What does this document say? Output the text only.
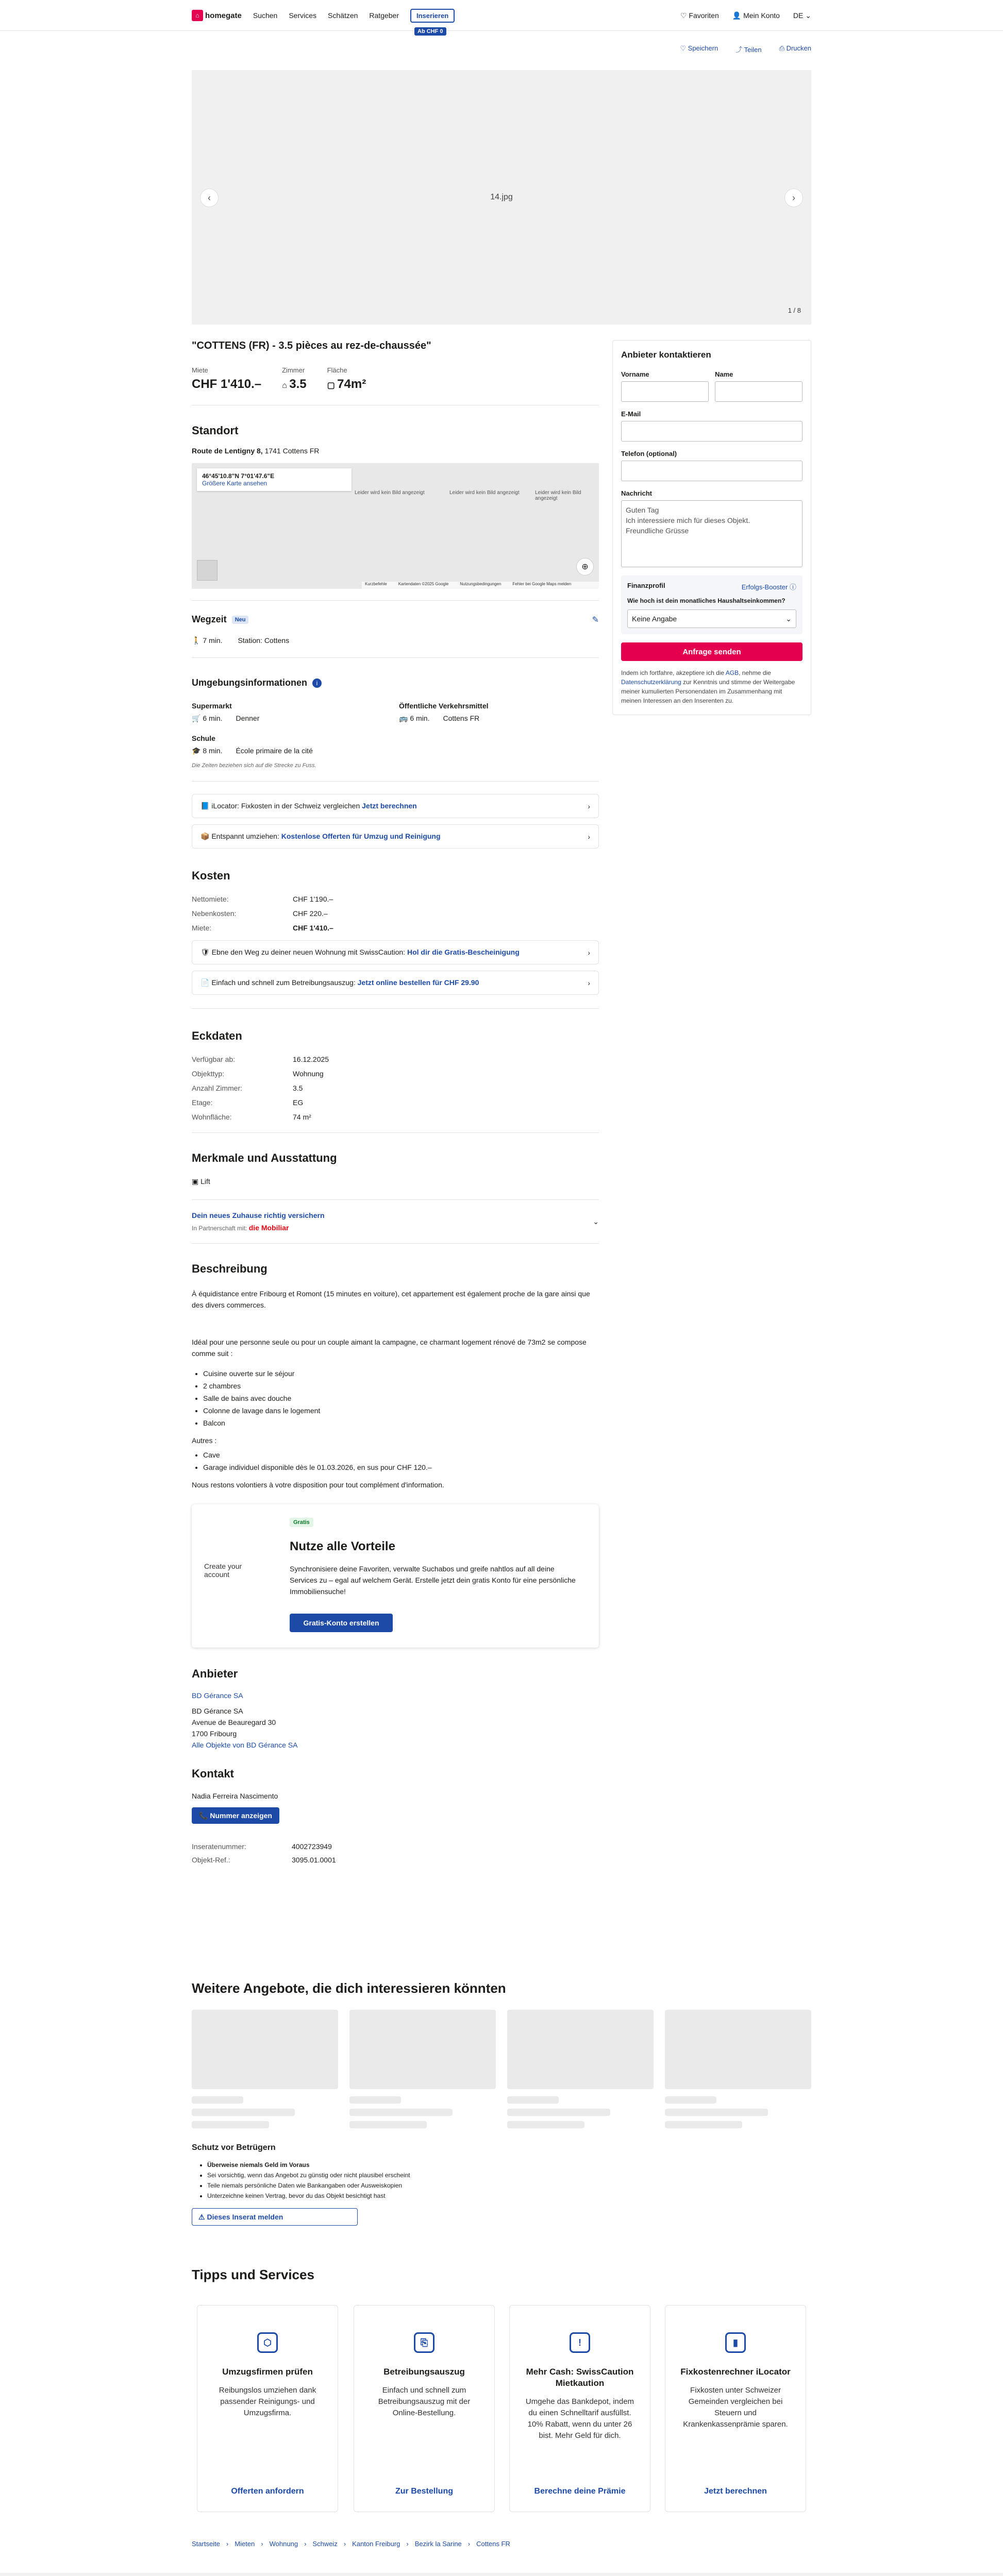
⌂ homegate Suchen Services Schätzen Ratgeber	Inserieren
Ab CHF 0
♡ Favoriten 👤 Mein Konto DE ⌄
♡ Speichern	⤴ Teilen	⎙ Drucken
14.jpg
‹	›
1 / 8
"COTTENS (FR) - 3.5 pièces au rez-de-chaussée"
Miete
CHF 1'410.–
Zimmer
⌂ 3.5
Fläche
▢ 74m²
Standort
Route de Lentigny 8, 1741 Cottens FR
46°45'10.8"N 7°01'47.6"E
Größere Karte ansehen
Leider wird kein Bild angezeigt	Leider wird kein Bild angezeigt	Leider wird kein Bild angezeigt
⊕
Kurzbefehle	Kartendaten ©2025 Google	Nutzungsbedingungen	Fehler bei Google Maps melden
Wegzeit	Neu	✎
🚶 7 min. Station: Cottens
Umgebungsinformationen	i
Supermarkt
🛒 6 min. Denner
Öffentliche Verkehrsmittel
🚌 6 min. Cottens FR
Schule
🎓 8 min. École primaire de la cité
Die Zeiten beziehen sich auf die Strecke zu Fuss.
📘 iLocator: Fixkosten in der Schweiz vergleichen Jetzt berechnen	›
📦 Entspannt umziehen: Kostenlose Offerten für Umzug und Reinigung	›
Kosten
Nettomiete:	CHF 1'190.–
Nebenkosten:	CHF 220.–
Miete:	CHF 1'410.–
🛡 Ebne den Weg zu deiner neuen Wohnung mit SwissCaution: Hol dir die Gratis-Bescheinigung	›
📄 Einfach und schnell zum Betreibungsauszug: Jetzt online bestellen für CHF 29.90	›
Eckdaten
Verfügbar ab:	16.12.2025
Objekttyp:	Wohnung
Anzahl Zimmer:	3.5
Etage:	EG
Wohnfläche:	74 m²
Merkmale und Ausstattung
▣ Lift
Dein neues Zuhause richtig versichern
In Partnerschaft mit: die Mobiliar
⌄
Beschreibung

À équidistance entre Fribourg et Romont (15 minutes en voiture), cet appartement est également proche de la gare ainsi que des divers commerces.

Idéal pour une personne seule ou pour un couple aimant la campagne, ce charmant logement rénové de 73m2 se compose comme suit :

• Cuisine ouverte sur le séjour
• 2 chambres
• Salle de bains avec douche
• Colonne de lavage dans le logement
• Balcon

Autres :

• Cave
• Garage individuel disponible dès le 01.03.2026, en sus pour CHF 120.–

Nous restons volontiers à votre disposition pour tout complément d'information.

Create your account
Gratis
Nutze alle Vorteile
Synchronisiere deine Favoriten, verwalte Suchabos und greife nahtlos auf all deine Services zu – egal auf welchem Gerät. Erstelle jetzt dein gratis Konto für eine persönliche Immobiliensuche!
Gratis-Konto erstellen
Anbieter
BD Gérance SA
BD Gérance SA
Avenue de Beauregard 30
1700 Fribourg
Alle Objekte von BD Gérance SA
Kontakt
Nadia Ferreira Nascimento
📞 Nummer anzeigen
Inseratenummer:	4002723949
Objekt-Ref.:	3095.01.0001
Anbieter kontaktieren
Vorname	Name
E-Mail
Telefon (optional)
Nachricht
Guten Tag
Ich interessiere mich für dieses Objekt.
Freundliche Grüsse
Finanzprofil	Erfolgs-Booster ⓘ
Wie hoch ist dein monatliches Haushaltseinkommen?
Keine Angabe	⌄
Anfrage senden

Indem ich fortfahre, akzeptiere ich die AGB, nehme die Datenschutzerklärung zur Kenntnis und stimme der Weitergabe meiner kumulierten Personendaten im Zusammenhang mit meinen Interessen an den Inserenten zu.

Weitere Angebote, die dich interessieren könnten
Schutz vor Betrügern
• Überweise niemals Geld im Voraus
• Sei vorsichtig, wenn das Angebot zu günstig oder nicht plausibel erscheint
• Teile niemals persönliche Daten wie Bankangaben oder Ausweiskopien
• Unterzeichne keinen Vertrag, bevor du das Objekt besichtigt hast
⚠ Dieses Inserat melden
Tipps und Services
⬡
Umzugsfirmen prüfen
Reibungslos umziehen dank passender Reinigungs- und Umzugsfirma.
Offerten anfordern
⎘
Betreibungsauszug
Einfach und schnell zum Betreibungsauszug mit der Online-Bestellung.
Zur Bestellung
!
Mehr Cash: SwissCaution Mietkaution
Umgehe das Bankdepot, indem du einen Schnelltarif ausfüllst. 10% Rabatt, wenn du unter 26 bist. Mehr Geld für dich.
Berechne deine Prämie
▮
Fixkostenrechner iLocator
Fixkosten unter Schweizer Gemeinden vergleichen bei Steuern und Krankenkassenprämie sparen.
Jetzt berechnen
Startseite › Mieten › Wohnung › Schweiz › Kanton Freiburg › Bezirk la Sarine › Cottens FR
